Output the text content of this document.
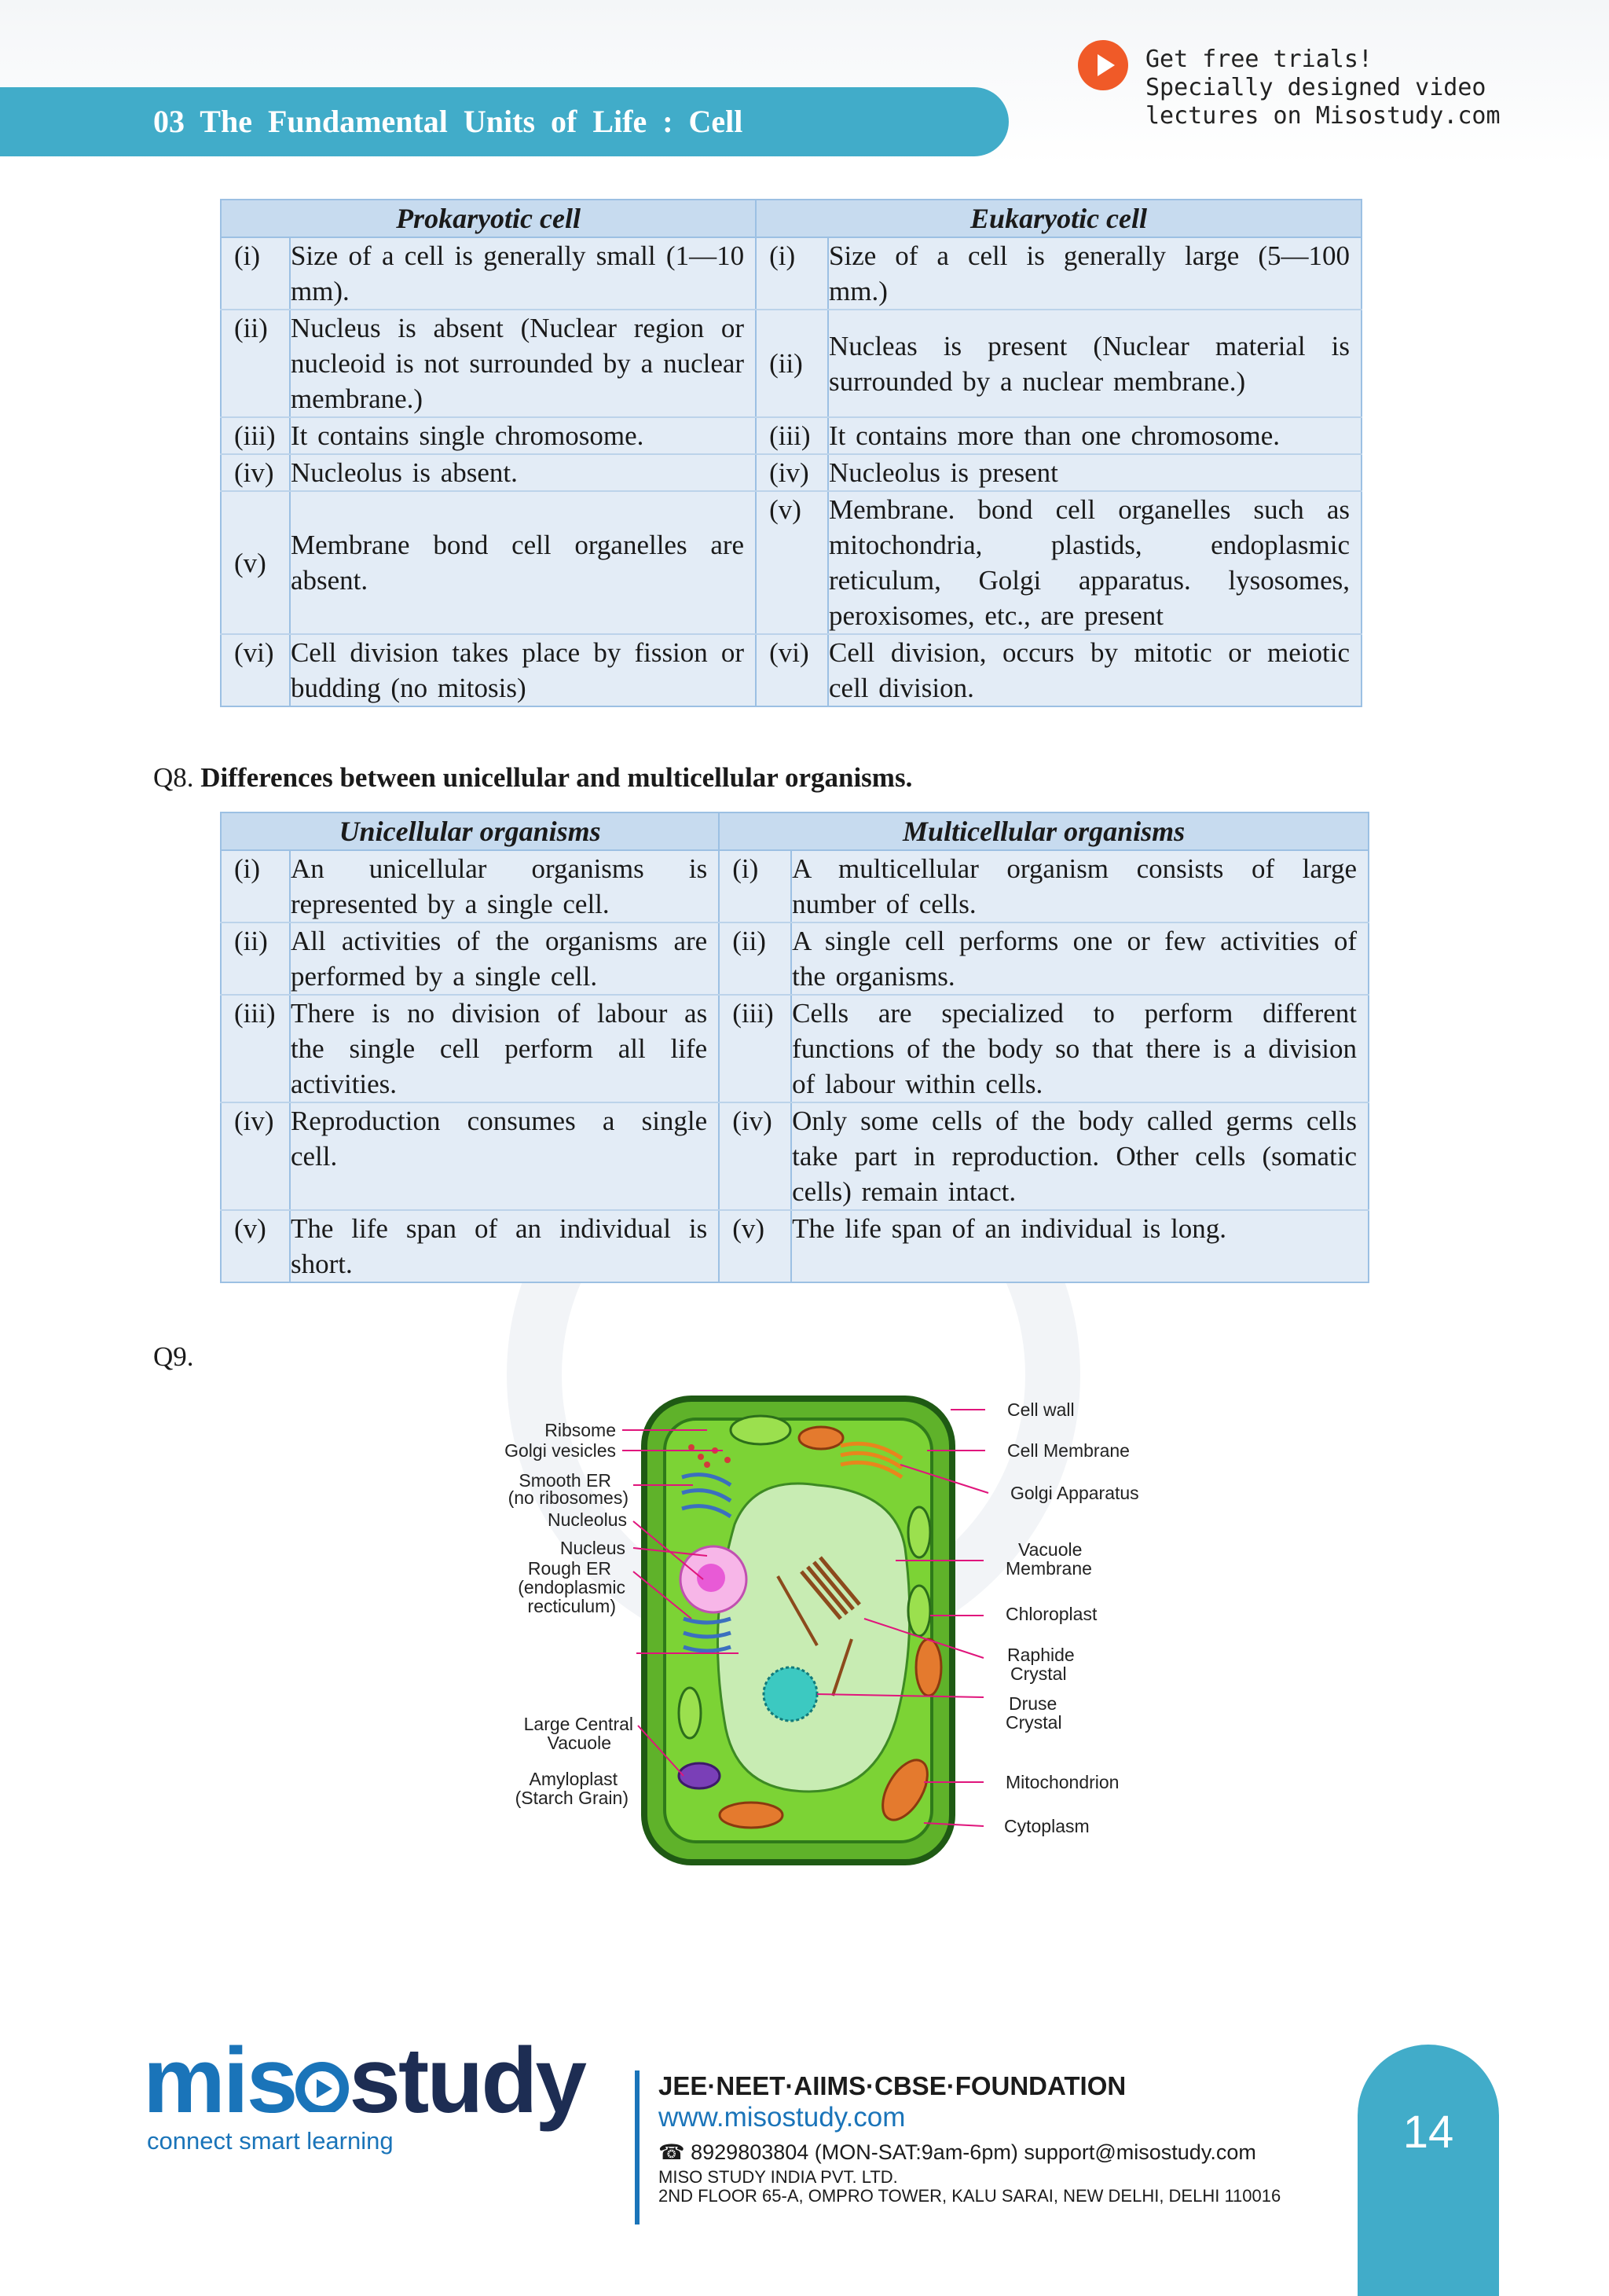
03 The Fundamental Units of Life : Cell
Get free trials!
Specially designed video
lectures on Misostudy.com
Prokaryotic cell		Eukaryotic cell	
(i)	Size of a cell is generally small (1—10 mm).	(i)	Size of a cell is generally large (5—100 mm.)
(ii)	Nucleus is absent (Nuclear region or nucleoid is not surrounded by a nuclear membrane.)	(ii)	Nucleas is present (Nuclear material is surrounded by a nuclear membrane.)
(iii)	It contains single chromosome.	(iii)	It contains more than one chromosome.
(iv)	Nucleolus is absent.	(iv)	Nucleolus is present
(v)	Membrane bond cell organelles are absent.	(v)	Membrane. bond cell organelles such as mitochondria, plastids, endoplasmic reticulum, Golgi apparatus. lysosomes, peroxisomes, etc., are present
(vi)	Cell division takes place by fission or budding (no mitosis)	(vi)	Cell division, occurs by mitotic or meiotic cell division.
Q8. Differences between unicellular and multicellular organisms.
Unicellular organisms		Multicellular organisms	
(i)	An unicellular organisms is represented by a single cell.	(i)	A multicellular organism consists of large number of cells.
(ii)	All activities of the organisms are performed by a single cell.	(ii)	A single cell performs one or few activities of the organisms.
(iii)	There is no division of labour as the single cell perform all life activities.	(iii)	Cells are specialized to perform different functions of the body so that there is a division of labour within cells.
(iv)	Reproduction consumes a single cell.	(iv)	Only some cells of the body called germs cells take part in reproduction. Other cells (somatic cells) remain intact.
(v)	The life span of an individual is short.	(v)	The life span of an individual is long.
Q9.
Ribsome
Golgi vesicles
Smooth ER
(no ribosomes)
Nucleolus
Nucleus
Rough ER
(endoplasmic
recticulum)
Large Central
Vacuole
Amyloplast
(Starch Grain)
Cell wall
Cell Membrane
Golgi Apparatus
Vacuole
Membrane
Chloroplast
Raphide
Crystal
Druse
Crystal
Mitochondrion
Cytoplasm
mis study
connect smart learning
JEE·NEET·AIIMS·CBSE·FOUNDATION
www.misostudy.com
☎ 8929803804 (MON-SAT:9am-6pm) support@misostudy.com
MISO STUDY INDIA PVT. LTD.
2ND FLOOR 65-A, OMPRO TOWER, KALU SARAI, NEW DELHI, DELHI 110016
14
